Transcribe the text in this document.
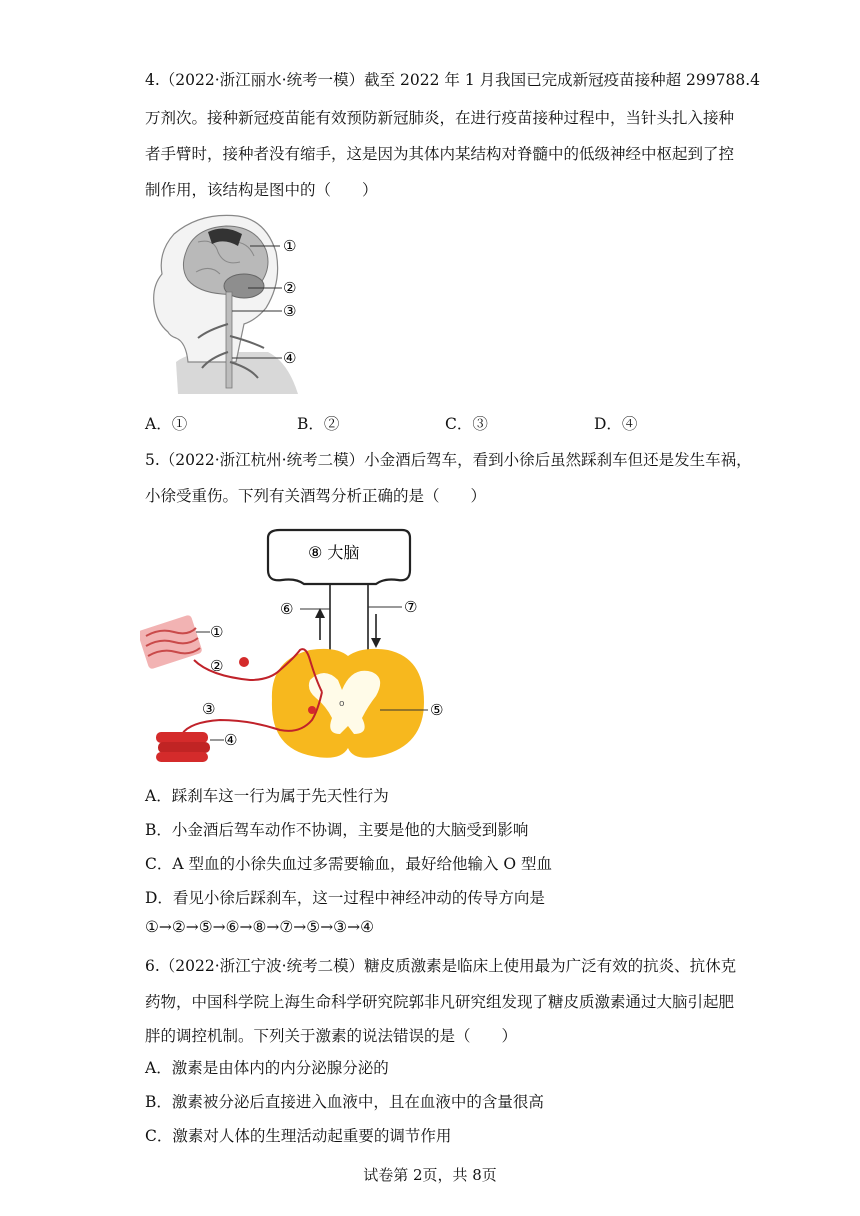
4.（2022·浙江丽水·统考一模）截至 2022 年 1 月我国已完成新冠疫苗接种超 299788.4
万剂次。接种新冠疫苗能有效预防新冠肺炎，在进行疫苗接种过程中，当针头扎入接种
者手臂时，接种者没有缩手，这是因为其体内某结构对脊髓中的低级神经中枢起到了控
制作用，该结构是图中的（　　）
①
②
③
④
A．①	B．②	C．③	D．④
5.（2022·浙江杭州·统考二模）小金酒后驾车，看到小徐后虽然踩刹车但还是发生车祸，
小徐受重伤。下列有关酒驾分析正确的是（　　）
⑧ 大脑
⑥	⑦
o	⑤
①
②
③
④
A．踩刹车这一行为属于先天性行为
B．小金酒后驾车动作不协调，主要是他的大脑受到影响
C．A 型血的小徐失血过多需要输血，最好给他输入 O 型血
D．看见小徐后踩刹车，这一过程中神经冲动的传导方向是
①→②→⑤→⑥→⑧→⑦→⑤→③→④
6.（2022·浙江宁波·统考二模）糖皮质激素是临床上使用最为广泛有效的抗炎、抗休克
药物，中国科学院上海生命科学研究院郭非凡研究组发现了糖皮质激素通过大脑引起肥
胖的调控机制。下列关于激素的说法错误的是（　　）
A．激素是由体内的内分泌腺分泌的
B．激素被分泌后直接进入血液中，且在血液中的含量很高
C．激素对人体的生理活动起重要的调节作用
试卷第 2页，共 8页
